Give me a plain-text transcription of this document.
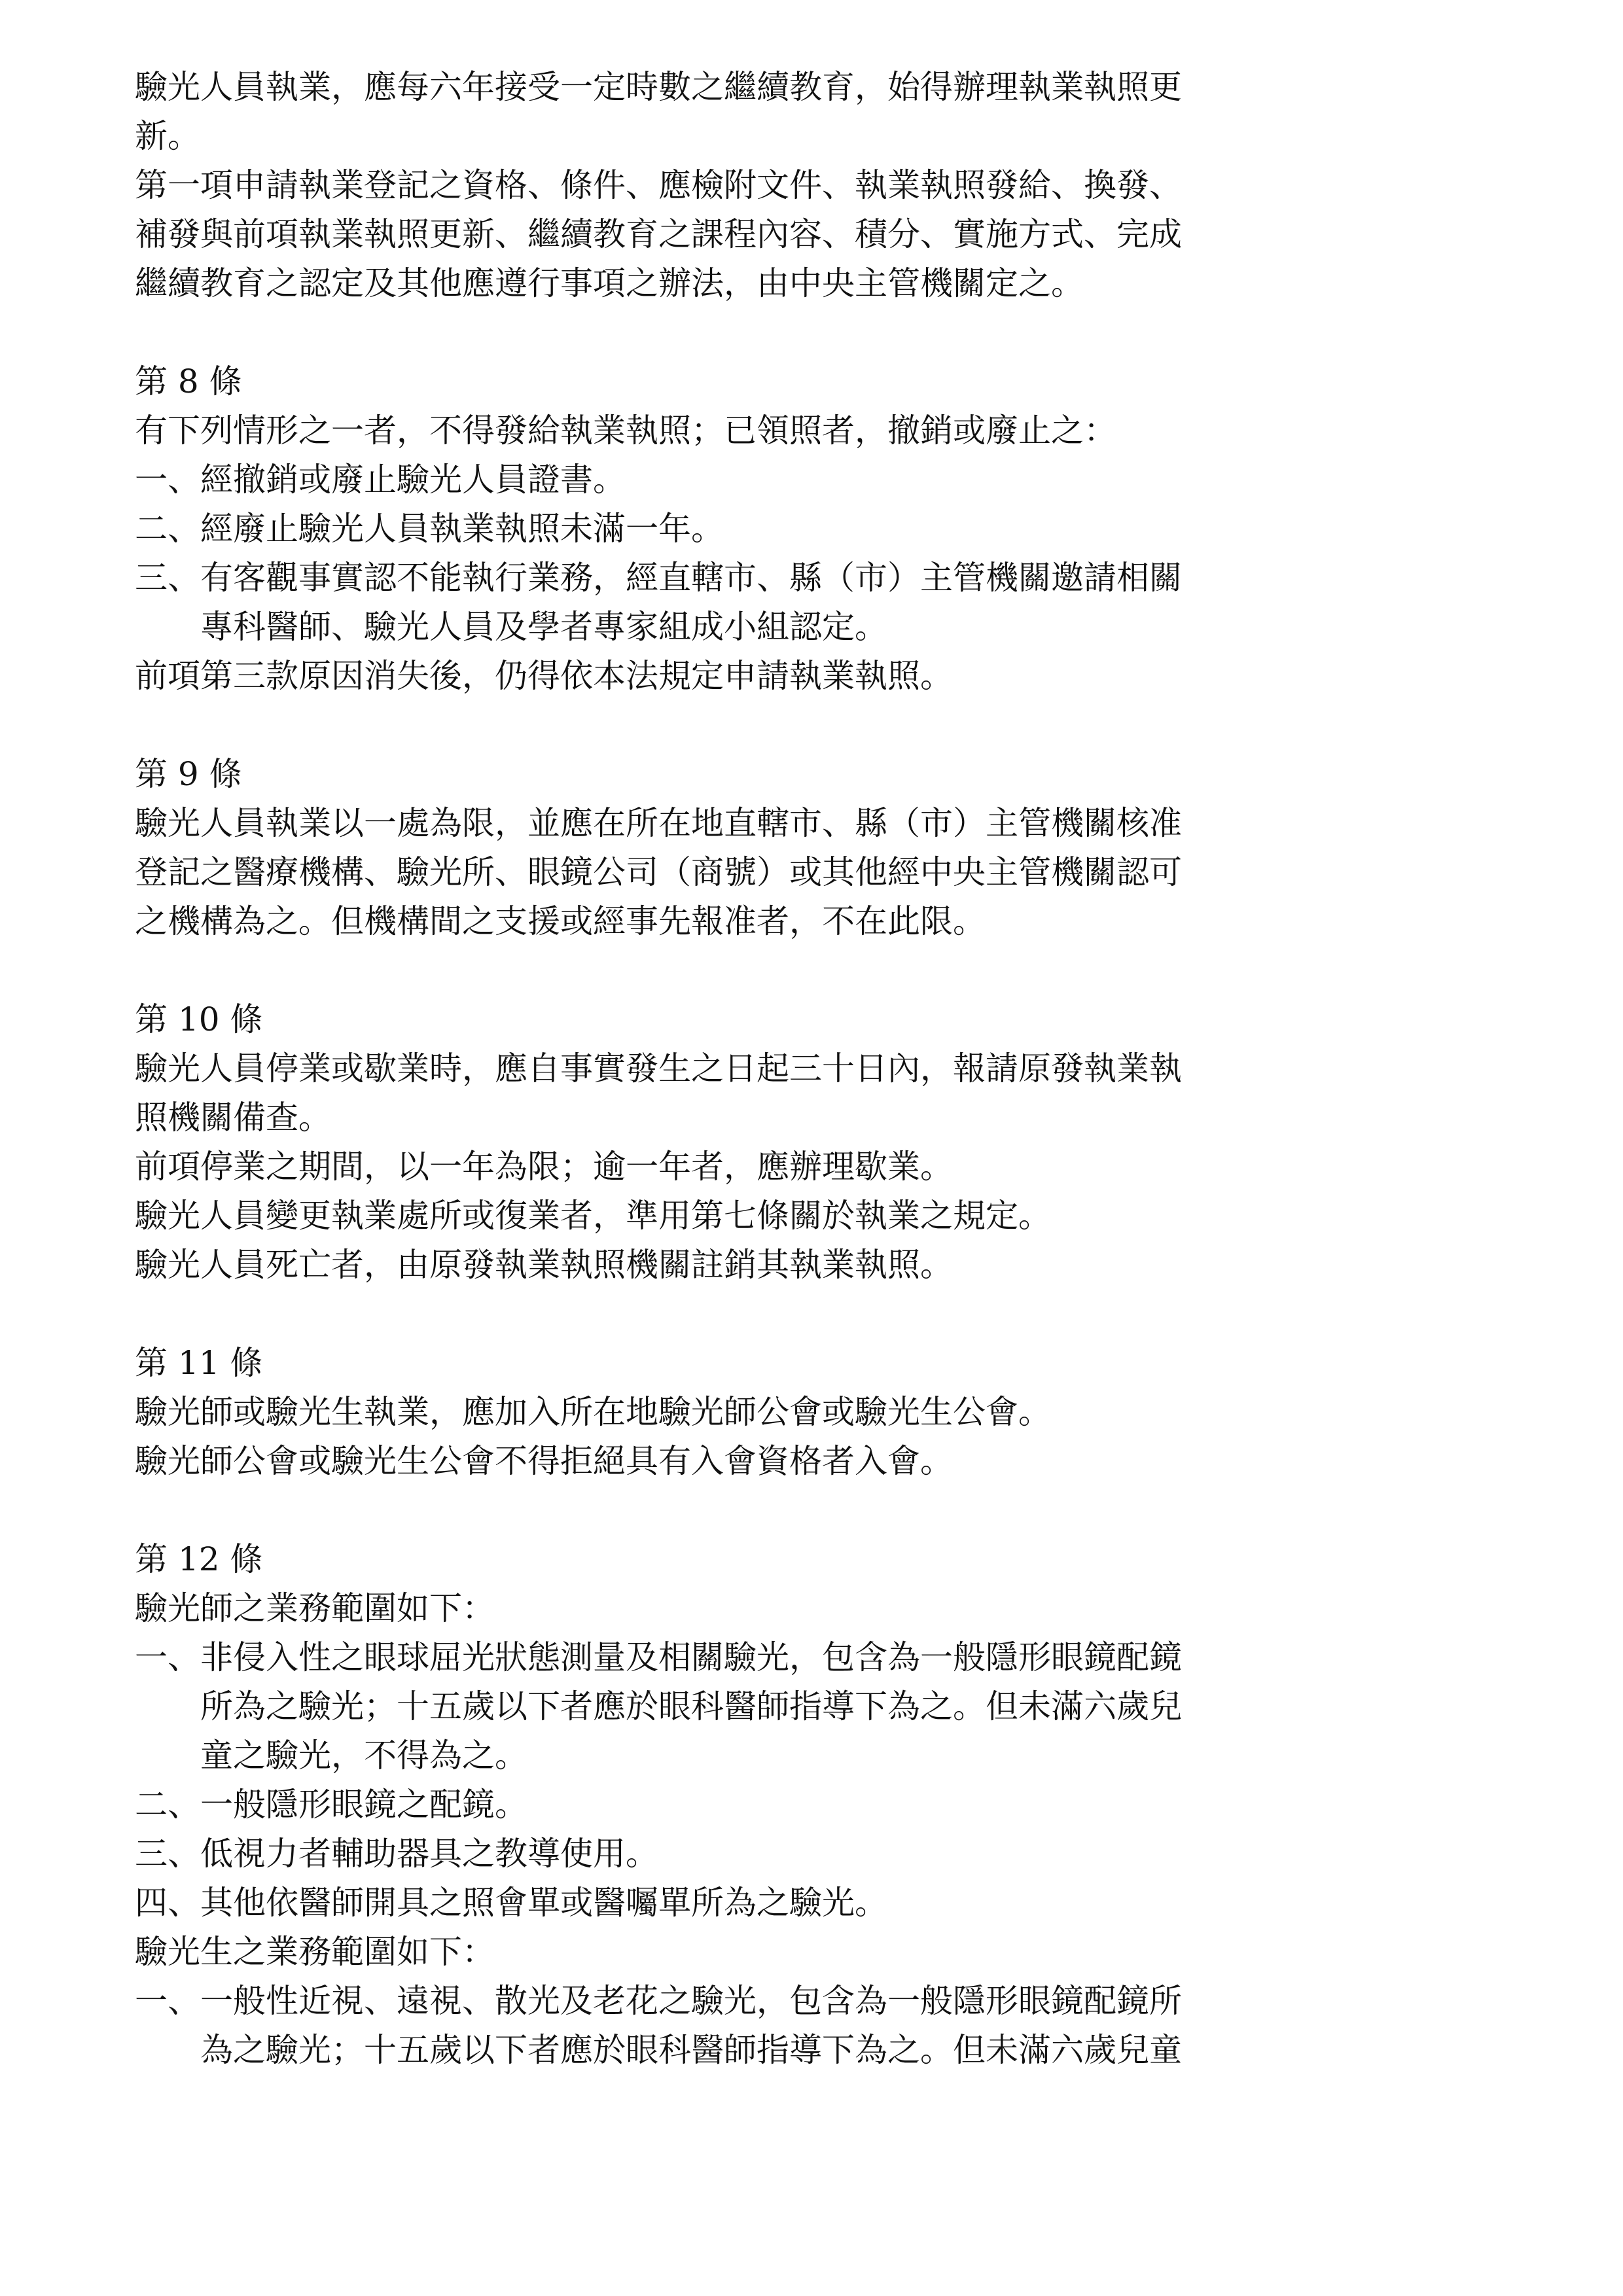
驗光人員執業，應每六年接受一定時數之繼續教育，始得辦理執業執照更
新。
第一項申請執業登記之資格、條件、應檢附文件、執業執照發給、換發、
補發與前項執業執照更新、繼續教育之課程內容、積分、實施方式、完成
繼續教育之認定及其他應遵行事項之辦法，由中央主管機關定之。
第 8 條
有下列情形之一者，不得發給執業執照；已領照者，撤銷或廢止之：
一、經撤銷或廢止驗光人員證書。
二、經廢止驗光人員執業執照未滿一年。
三、有客觀事實認不能執行業務，經直轄市、縣（市）主管機關邀請相關
專科醫師、驗光人員及學者專家組成小組認定。
前項第三款原因消失後，仍得依本法規定申請執業執照。
第 9 條
驗光人員執業以一處為限，並應在所在地直轄市、縣（市）主管機關核准
登記之醫療機構、驗光所、眼鏡公司（商號）或其他經中央主管機關認可
之機構為之。但機構間之支援或經事先報准者，不在此限。
第 10 條
驗光人員停業或歇業時，應自事實發生之日起三十日內，報請原發執業執
照機關備查。
前項停業之期間，以一年為限；逾一年者，應辦理歇業。
驗光人員變更執業處所或復業者，準用第七條關於執業之規定。
驗光人員死亡者，由原發執業執照機關註銷其執業執照。
第 11 條
驗光師或驗光生執業，應加入所在地驗光師公會或驗光生公會。
驗光師公會或驗光生公會不得拒絕具有入會資格者入會。
第 12 條
驗光師之業務範圍如下：
一、非侵入性之眼球屈光狀態測量及相關驗光，包含為一般隱形眼鏡配鏡
所為之驗光；十五歲以下者應於眼科醫師指導下為之。但未滿六歲兒
童之驗光，不得為之。
二、一般隱形眼鏡之配鏡。
三、低視力者輔助器具之教導使用。
四、其他依醫師開具之照會單或醫囑單所為之驗光。
驗光生之業務範圍如下：
一、一般性近視、遠視、散光及老花之驗光，包含為一般隱形眼鏡配鏡所
為之驗光；十五歲以下者應於眼科醫師指導下為之。但未滿六歲兒童
